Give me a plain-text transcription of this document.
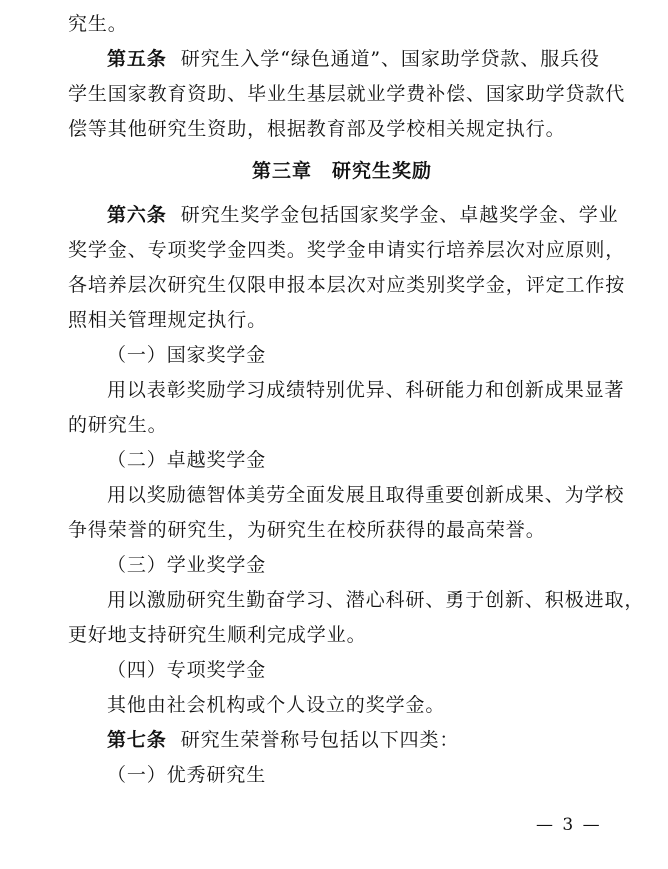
究生。
第五条 研究生入学“绿色通道”、国家助学贷款、服兵役
学生国家教育资助、毕业生基层就业学费补偿、国家助学贷款代
偿等其他研究生资助，根据教育部及学校相关规定执行。
第三章　研究生奖励
第六条 研究生奖学金包括国家奖学金、卓越奖学金、学业
奖学金、专项奖学金四类。奖学金申请实行培养层次对应原则，
各培养层次研究生仅限申报本层次对应类别奖学金，评定工作按
照相关管理规定执行。
（一）国家奖学金
用以表彰奖励学习成绩特别优异、科研能力和创新成果显著
的研究生。
（二）卓越奖学金
用以奖励德智体美劳全面发展且取得重要创新成果、为学校
争得荣誉的研究生，为研究生在校所获得的最高荣誉。
（三）学业奖学金
用以激励研究生勤奋学习、潜心科研、勇于创新、积极进取，
更好地支持研究生顺利完成学业。
（四）专项奖学金
其他由社会机构或个人设立的奖学金。
第七条 研究生荣誉称号包括以下四类：
（一）优秀研究生
— 3 —
